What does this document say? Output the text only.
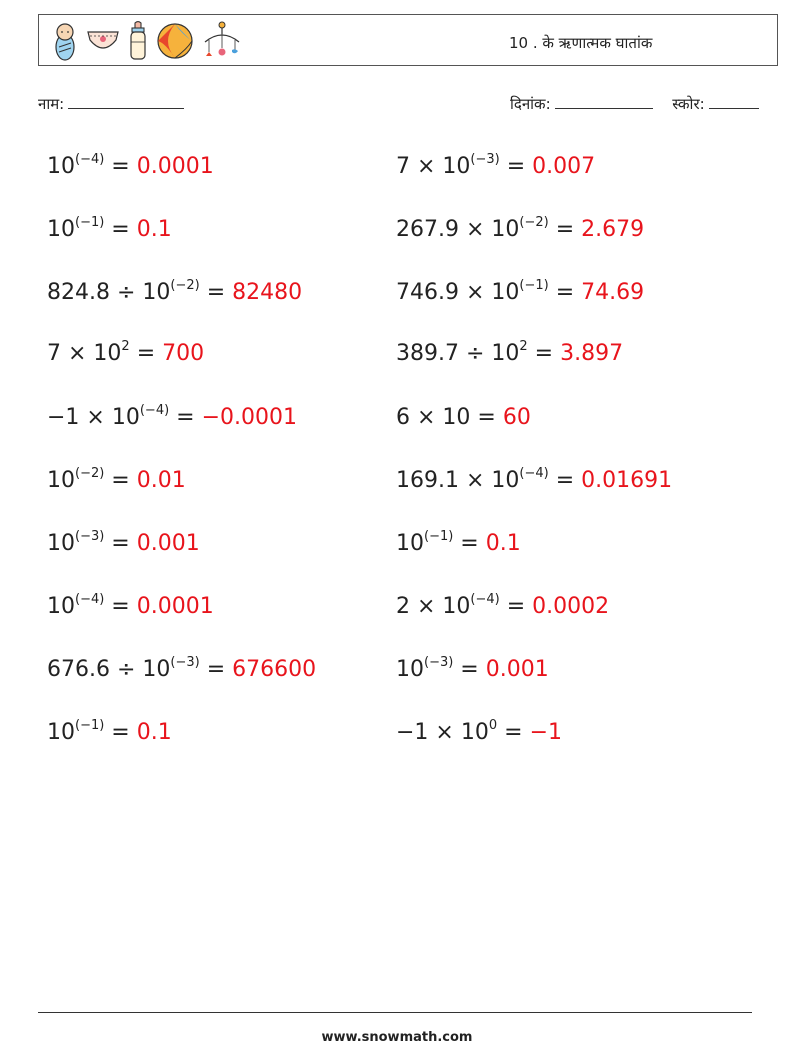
10 . के ऋणात्मक घातांक
नाम:	दिनांक:	स्कोर:
$10^{(-4)} = 0.0001$	$7 \times 10^{(-3)} = 0.007$
$10^{(-1)} = 0.1$	$267.9 \times 10^{(-2)} = 2.679$
$824.8 \div 10^{(-2)} = 82480$	$746.9 \times 10^{(-1)} = 74.69$
$7 \times 10^2 = 700$	$389.7 \div 10^2 = 3.897$
$-1 \times 10^{(-4)} = -0.0001$	6 × 10 = 60
$10^{(-2)} = 0.01$	$169.1 \times 10^{(-4)} = 0.01691$
$10^{(-3)} = 0.001$	$10^{(-1)} = 0.1$
$10^{(-4)} = 0.0001$	$2 \times 10^{(-4)} = 0.0002$
$676.6 \div 10^{(-3)} = 676600$	$10^{(-3)} = 0.001$
$10^{(-1)} = 0.1$	$-1 \times 10^0 = -1$
www.snowmath.com
